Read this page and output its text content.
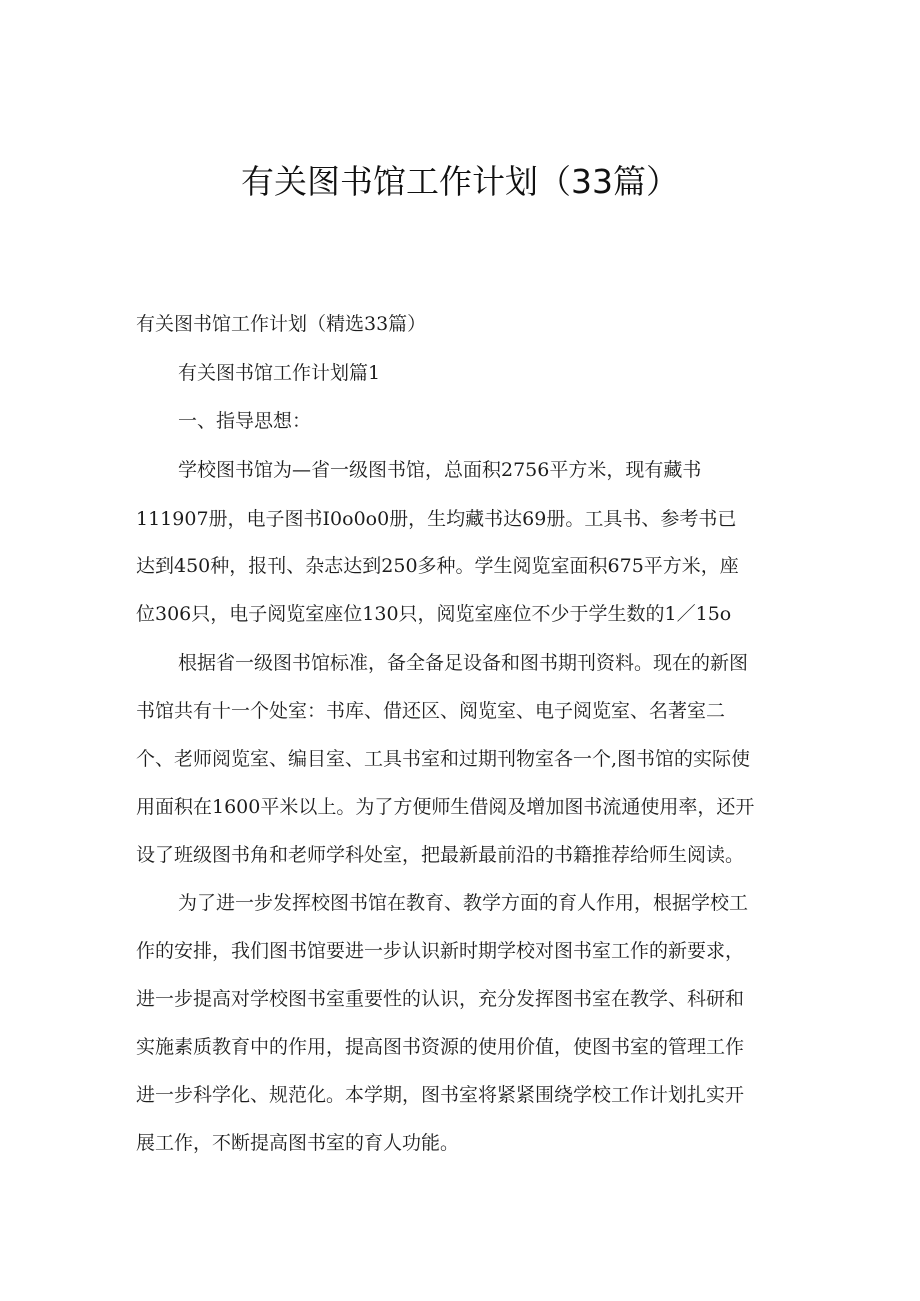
有关图书馆工作计划（33篇）
有关图书馆工作计划（精选33篇）
有关图书馆工作计划篇1
一、指导思想：
学校图书馆为—省一级图书馆，总面积2756平方米，现有藏书
111907册，电子图书I0o0o0册，生均藏书达69册。工具书、参考书已
达到450种，报刊、杂志达到250多种。学生阅览室面积675平方米，座
位306只，电子阅览室座位130只，阅览室座位不少于学生数的1／15o
根据省一级图书馆标准，备全备足设备和图书期刊资料。现在的新图
书馆共有十一个处室：书库、借还区、阅览室、电子阅览室、名著室二
个、老师阅览室、编目室、工具书室和过期刊物室各一个,图书馆的实际使
用面积在1600平米以上。为了方便师生借阅及增加图书流通使用率，还开
设了班级图书角和老师学科处室，把最新最前沿的书籍推荐给师生阅读。
为了进一步发挥校图书馆在教育、教学方面的育人作用，根据学校工
作的安排，我们图书馆要进一步认识新时期学校对图书室工作的新要求，
进一步提高对学校图书室重要性的认识，充分发挥图书室在教学、科研和
实施素质教育中的作用，提高图书资源的使用价值，使图书室的管理工作
进一步科学化、规范化。本学期，图书室将紧紧围绕学校工作计划扎实开
展工作，不断提高图书室的育人功能。
